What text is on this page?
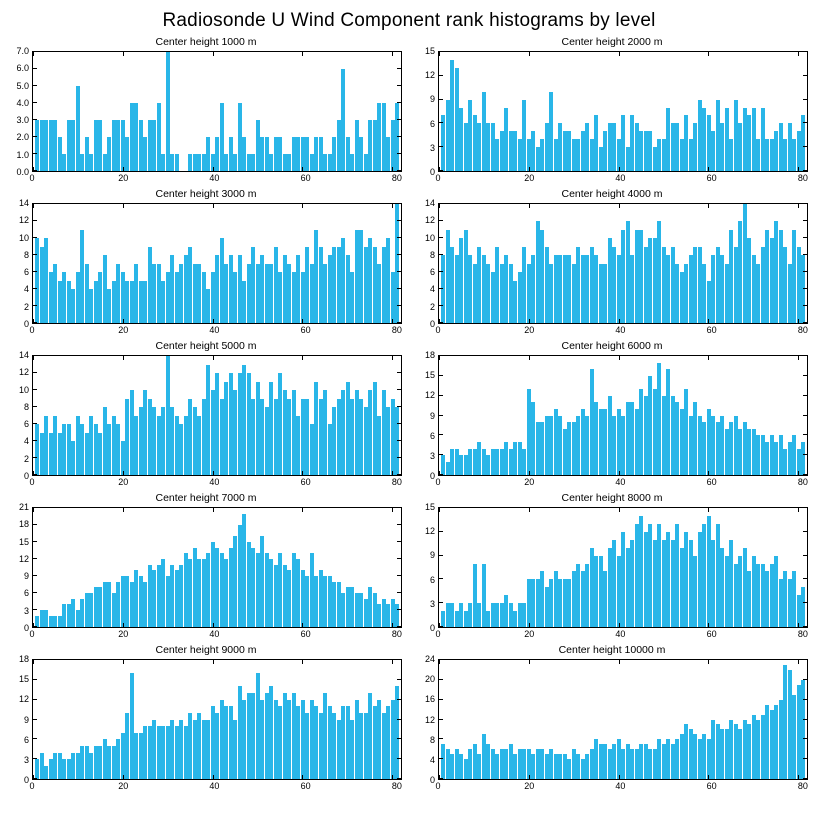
Radiosonde U Wind Component rank histograms by level
Center height 1000 m
0.0
1.0
2.0
3.0
4.0
5.0
6.0
7.0
0	20	40	60	80
Center height 2000 m
0
3
6
9
12
15
0	20	40	60	80
Center height 3000 m
0
2
4
6
8
10
12
14
0	20	40	60	80
Center height 4000 m
0
2
4
6
8
10
12
14
0	20	40	60	80
Center height 5000 m
0
2
4
6
8
10
12
14
0	20	40	60	80
Center height 6000 m
0
3
6
9
12
15
18
0	20	40	60	80
Center height 7000 m
0
3
6
9
12
15
18
21
0	20	40	60	80
Center height 8000 m
0
3
6
9
12
15
0	20	40	60	80
Center height 9000 m
0
3
6
9
12
15
18
0	20	40	60	80
Center height 10000 m
0
4
8
12
16
20
24
0	20	40	60	80
